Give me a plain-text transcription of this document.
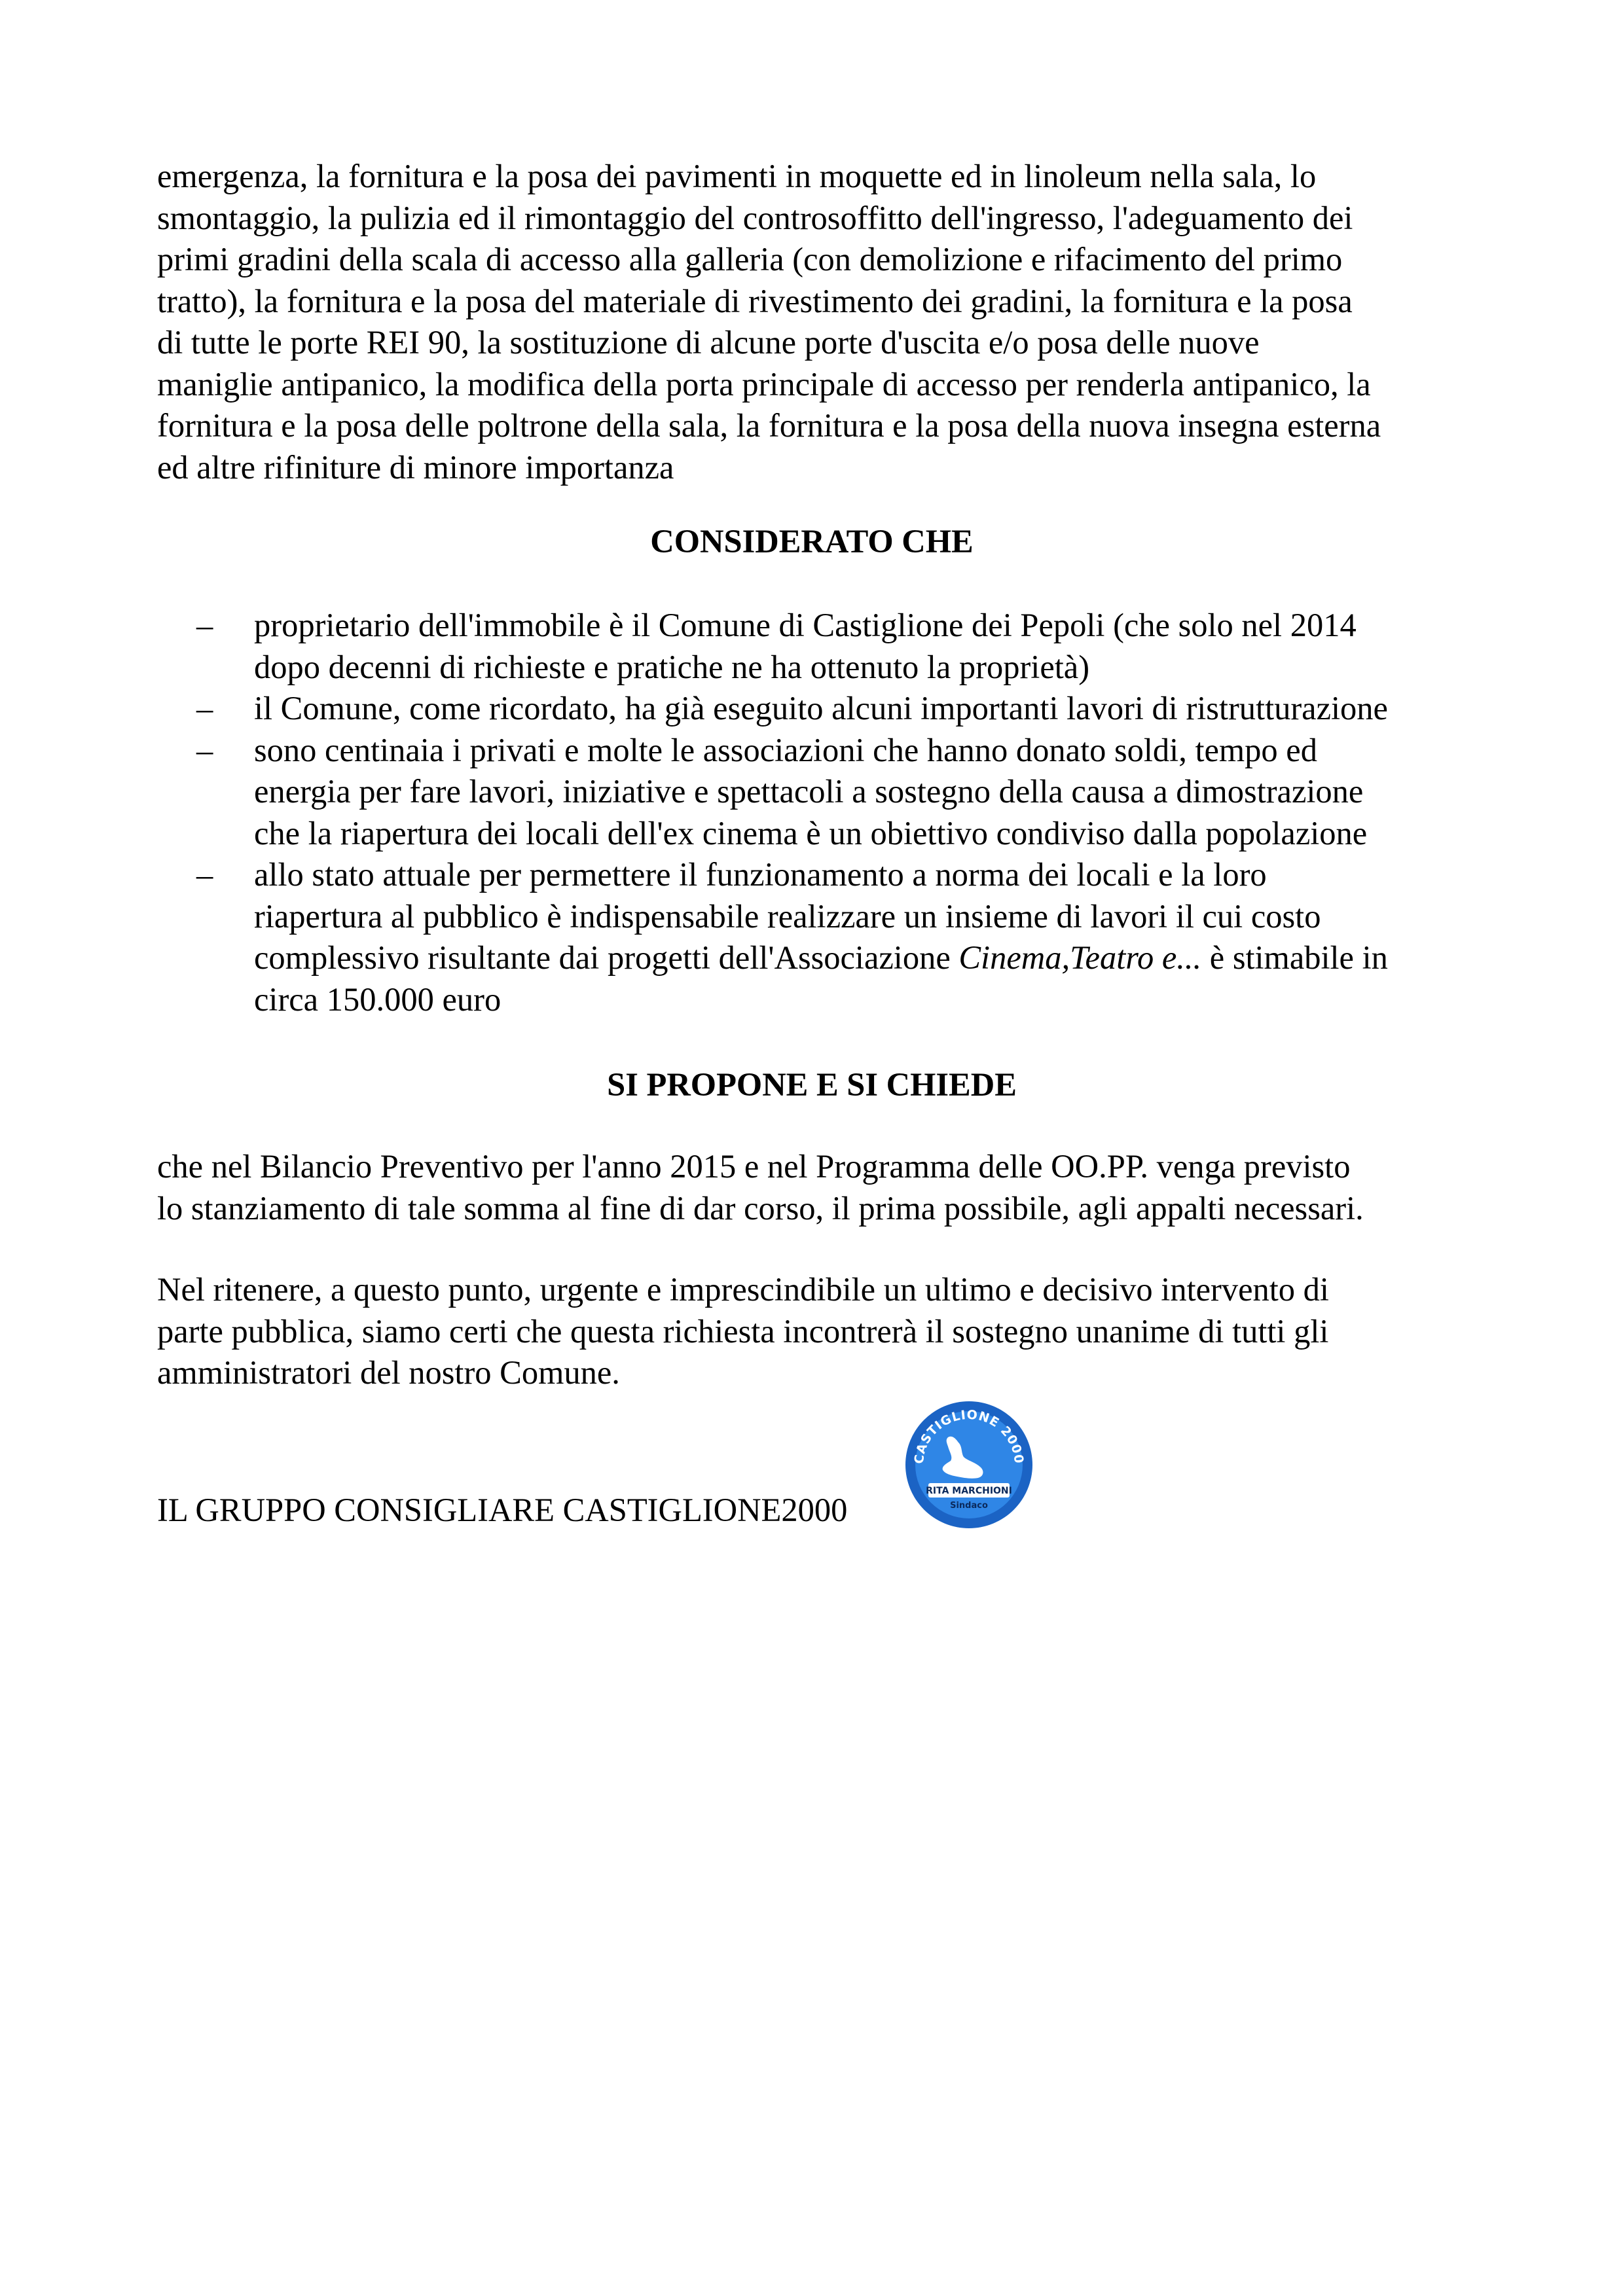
emergenza, la fornitura e la posa dei pavimenti in moquette ed in linoleum nella sala, lo
smontaggio, la pulizia ed il rimontaggio del controsoffitto dell'ingresso, l'adeguamento dei
primi gradini della scala di accesso alla galleria (con demolizione e rifacimento del primo
tratto), la fornitura e la posa del materiale di rivestimento dei gradini, la fornitura e la posa
di tutte le porte REI 90, la sostituzione di alcune porte d'uscita e/o posa delle nuove
maniglie antipanico, la modifica della porta principale di accesso per renderla antipanico, la
fornitura e la posa delle poltrone della sala, la fornitura e la posa della nuova insegna esterna
ed altre rifiniture di minore importanza
CONSIDERATO CHE
– proprietario dell'immobile è il Comune di Castiglione dei Pepoli (che solo nel 2014
dopo decenni di richieste e pratiche ne ha ottenuto la proprietà)
– il Comune, come ricordato, ha già eseguito alcuni importanti lavori di ristrutturazione
– sono centinaia i privati e molte le associazioni che hanno donato soldi, tempo ed
energia per fare lavori, iniziative e spettacoli a sostegno della causa a dimostrazione
che la riapertura dei locali dell'ex cinema è un obiettivo condiviso dalla popolazione
– allo stato attuale per permettere il funzionamento a norma dei locali e la loro
riapertura al pubblico è indispensabile realizzare un insieme di lavori il cui costo
complessivo risultante dai progetti dell'Associazione Cinema,Teatro e... è stimabile in
circa 150.000 euro
SI PROPONE E SI CHIEDE
che nel Bilancio Preventivo per l'anno 2015 e nel Programma delle OO.PP. venga previsto
lo stanziamento di tale somma al fine di dar corso, il prima possibile, agli appalti necessari.
Nel ritenere, a questo punto, urgente e imprescindibile un ultimo e decisivo intervento di
parte pubblica, siamo certi che questa richiesta incontrerà il sostegno unanime di tutti gli
amministratori del nostro Comune.
IL GRUPPO CONSIGLIARE CASTIGLIONE2000
CASTIGLIONE 2000
RITA MARCHIONI
Sindaco
